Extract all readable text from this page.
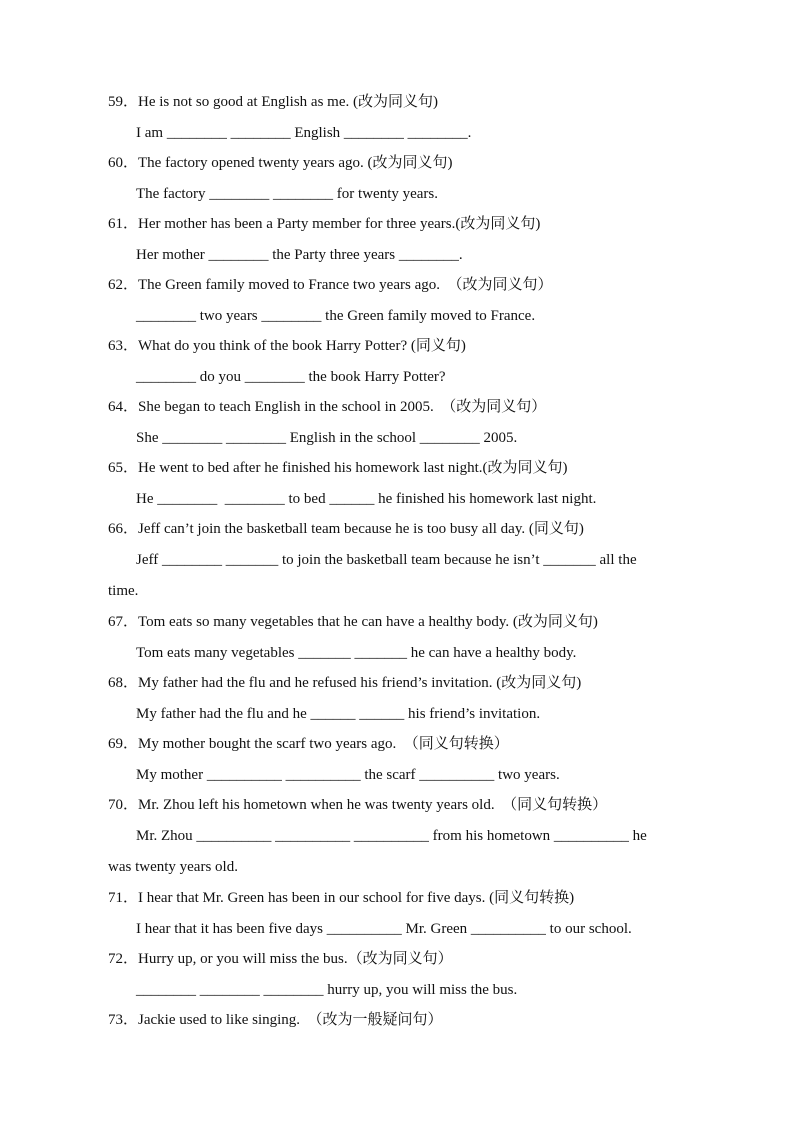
59．He is not so good at English as me. (改为同义句)
I am ________ ________ English ________ ________.
60．The factory opened twenty years ago. (改为同义句)
The factory ________ ________ for twenty years.
61．Her mother has been a Party member for three years.(改为同义句)
Her mother ________ the Party three years ________.
62．The Green family moved to France two years ago.  （改为同义句）
________ two years ________ the Green family moved to France.
63．What do you think of the book Harry Potter? (同义句)
________ do you ________ the book Harry Potter?
64．She began to teach English in the school in 2005.  （改为同义句）
She ________ ________ English in the school ________ 2005.
65．He went to bed after he finished his homework last night.(改为同义句)
He ________  ________ to bed ______ he finished his homework last night.
66．Jeff can’t join the basketball team because he is too busy all day. (同义句)
Jeff ________ _______ to join the basketball team because he isn’t _______ all the
time.
67．Tom eats so many vegetables that he can have a healthy body. (改为同义句)
Tom eats many vegetables _______ _______ he can have a healthy body.
68．My father had the flu and he refused his friend’s invitation. (改为同义句)
My father had the flu and he ______ ______ his friend’s invitation.
69．My mother bought the scarf two years ago.  （同义句转换）
My mother __________ __________ the scarf __________ two years.
70．Mr. Zhou left his hometown when he was twenty years old.  （同义句转换）
Mr. Zhou __________ __________ __________ from his hometown __________ he
was twenty years old.
71．I hear that Mr. Green has been in our school for five days. (同义句转换)
I hear that it has been five days __________ Mr. Green __________ to our school.
72．Hurry up, or you will miss the bus.（改为同义句）
________ ________ ________ hurry up, you will miss the bus.
73．Jackie used to like singing.  （改为一般疑问句）
